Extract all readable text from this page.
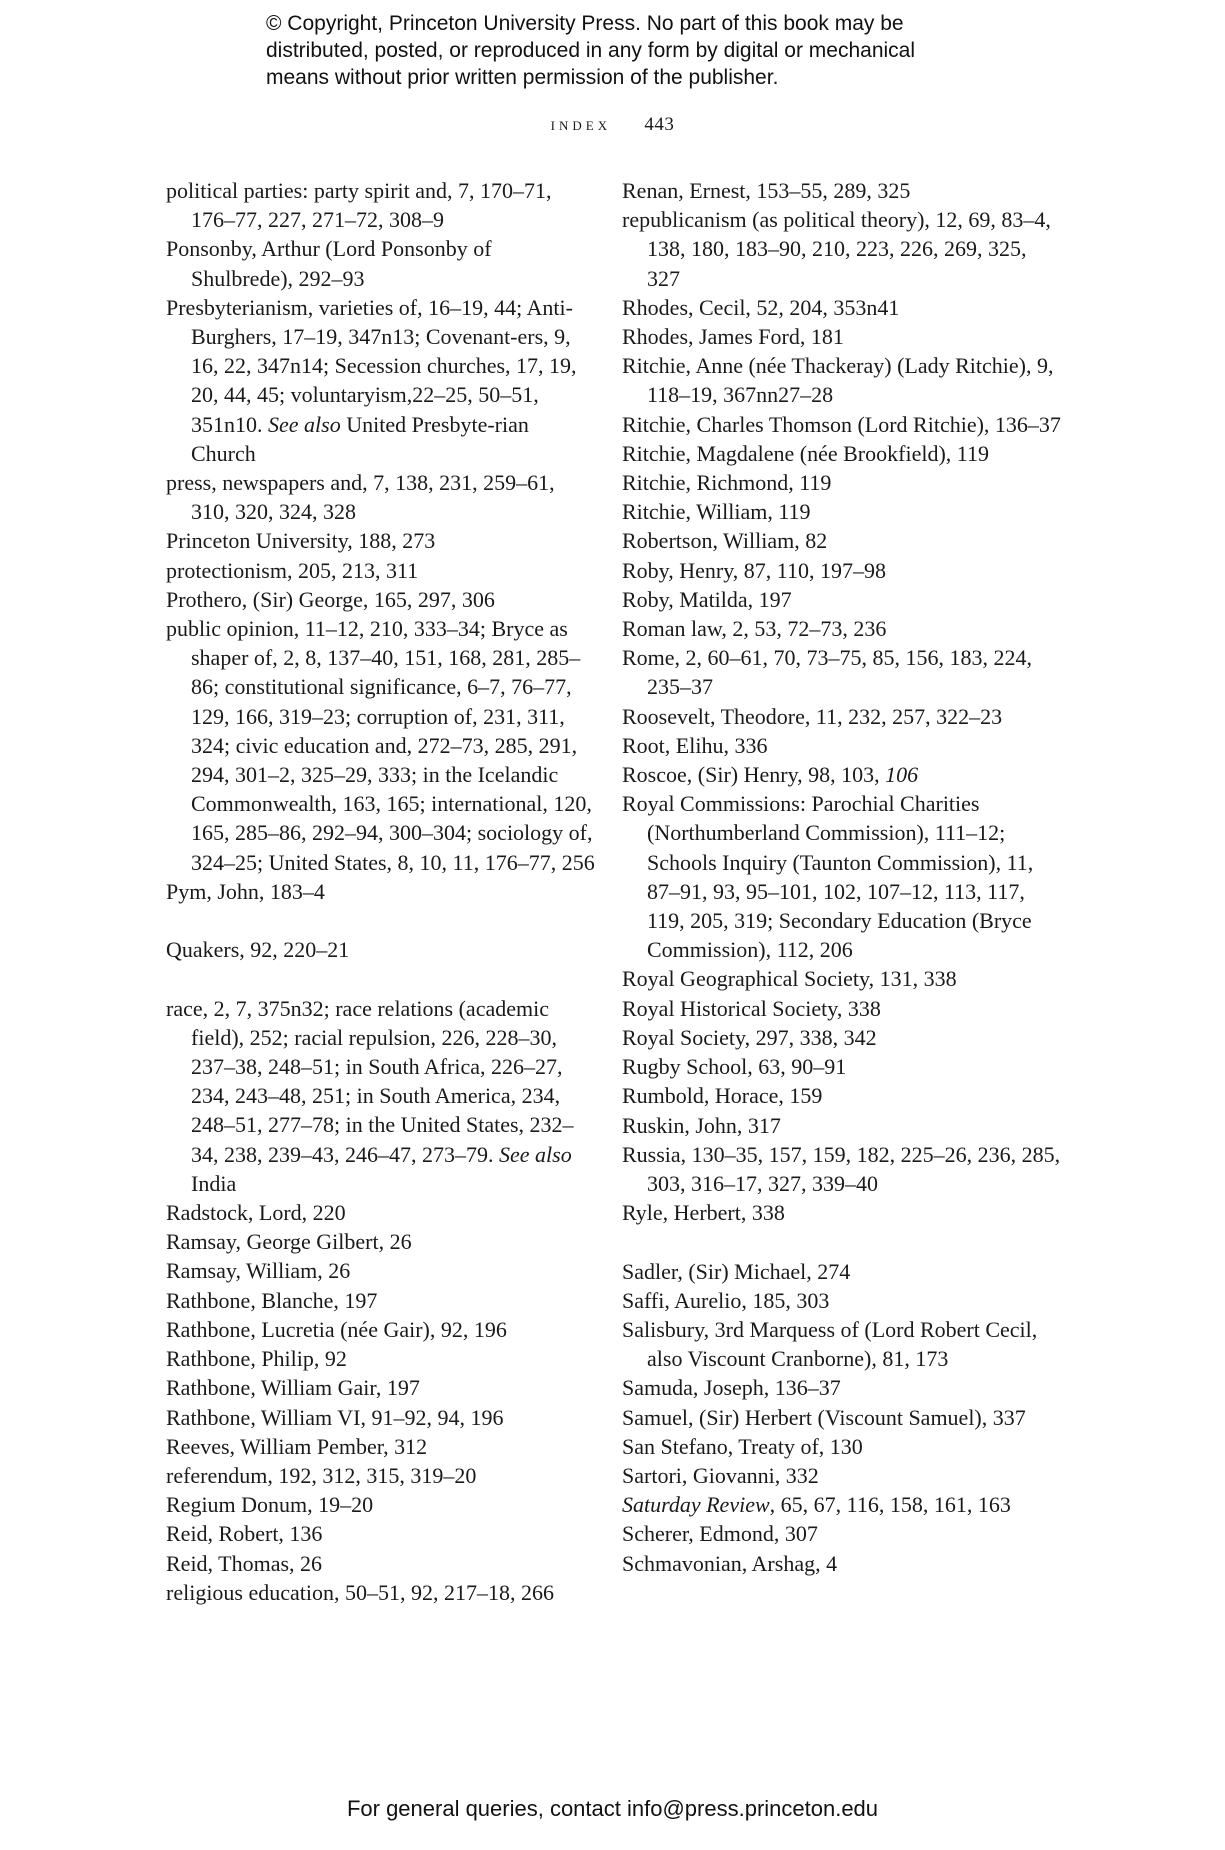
© Copyright, Princeton University Press. No part of this book may be
distributed, posted, or reproduced in any form by digital or mechanical
means without prior written permission of the publisher.
index 443
political parties: party spirit and, 7, 170–71, 176–77, 227, 271–72, 308–9
Ponsonby, Arthur (Lord Ponsonby of Shulbrede), 292–93
Presbyterianism, varieties of, 16–19, 44; Anti-Burghers, 17–19, 347n13; Covenant-ers, 9, 16, 22, 347n14; Secession churches, 17, 19, 20, 44, 45; voluntaryism,22–25, 50–51, 351n10. See also United Presbyte-rian Church
press, newspapers and, 7, 138, 231, 259–61, 310, 320, 324, 328
Princeton University, 188, 273
protectionism, 205, 213, 311
Prothero, (Sir) George, 165, 297, 306
public opinion, 11–12, 210, 333–34; Bryce as shaper of, 2, 8, 137–40, 151, 168, 281, 285–86; constitutional significance, 6–7, 76–77, 129, 166, 319–23; corruption of, 231, 311, 324; civic education and, 272–73, 285, 291, 294, 301–2, 325–29, 333; in the Icelandic Commonwealth, 163, 165; international, 120, 165, 285–86, 292–94, 300–304; sociology of, 324–25; United States, 8, 10, 11, 176–77, 256
Pym, John, 183–4
Quakers, 92, 220–21
race, 2, 7, 375n32; race relations (academic field), 252; racial repulsion, 226, 228–30, 237–38, 248–51; in South Africa, 226–27, 234, 243–48, 251; in South America, 234, 248–51, 277–78; in the United States, 232–34, 238, 239–43, 246–47, 273–79. See also India
Radstock, Lord, 220
Ramsay, George Gilbert, 26
Ramsay, William, 26
Rathbone, Blanche, 197
Rathbone, Lucretia (née Gair), 92, 196
Rathbone, Philip, 92
Rathbone, William Gair, 197
Rathbone, William VI, 91–92, 94, 196
Reeves, William Pember, 312
referendum, 192, 312, 315, 319–20
Regium Donum, 19–20
Reid, Robert, 136
Reid, Thomas, 26
religious education, 50–51, 92, 217–18, 266
Renan, Ernest, 153–55, 289, 325
republicanism (as political theory), 12, 69, 83–4, 138, 180, 183–90, 210, 223, 226, 269, 325, 327
Rhodes, Cecil, 52, 204, 353n41
Rhodes, James Ford, 181
Ritchie, Anne (née Thackeray) (Lady Ritchie), 9, 118–19, 367nn27–28
Ritchie, Charles Thomson (Lord Ritchie), 136–37
Ritchie, Magdalene (née Brookfield), 119
Ritchie, Richmond, 119
Ritchie, William, 119
Robertson, William, 82
Roby, Henry, 87, 110, 197–98
Roby, Matilda, 197
Roman law, 2, 53, 72–73, 236
Rome, 2, 60–61, 70, 73–75, 85, 156, 183, 224, 235–37
Roosevelt, Theodore, 11, 232, 257, 322–23
Root, Elihu, 336
Roscoe, (Sir) Henry, 98, 103, 106
Royal Commissions: Parochial Charities (Northumberland Commission), 111–12; Schools Inquiry (Taunton Commission), 11, 87–91, 93, 95–101, 102, 107–12, 113, 117, 119, 205, 319; Secondary Education (Bryce Commission), 112, 206
Royal Geographical Society, 131, 338
Royal Historical Society, 338
Royal Society, 297, 338, 342
Rugby School, 63, 90–91
Rumbold, Horace, 159
Ruskin, John, 317
Russia, 130–35, 157, 159, 182, 225–26, 236, 285, 303, 316–17, 327, 339–40
Ryle, Herbert, 338
Sadler, (Sir) Michael, 274
Saffi, Aurelio, 185, 303
Salisbury, 3rd Marquess of (Lord Robert Cecil, also Viscount Cranborne), 81, 173
Samuda, Joseph, 136–37
Samuel, (Sir) Herbert (Viscount Samuel), 337
San Stefano, Treaty of, 130
Sartori, Giovanni, 332
Saturday Review, 65, 67, 116, 158, 161, 163
Scherer, Edmond, 307
Schmavonian, Arshag, 4
For general queries, contact info@press.princeton.edu
